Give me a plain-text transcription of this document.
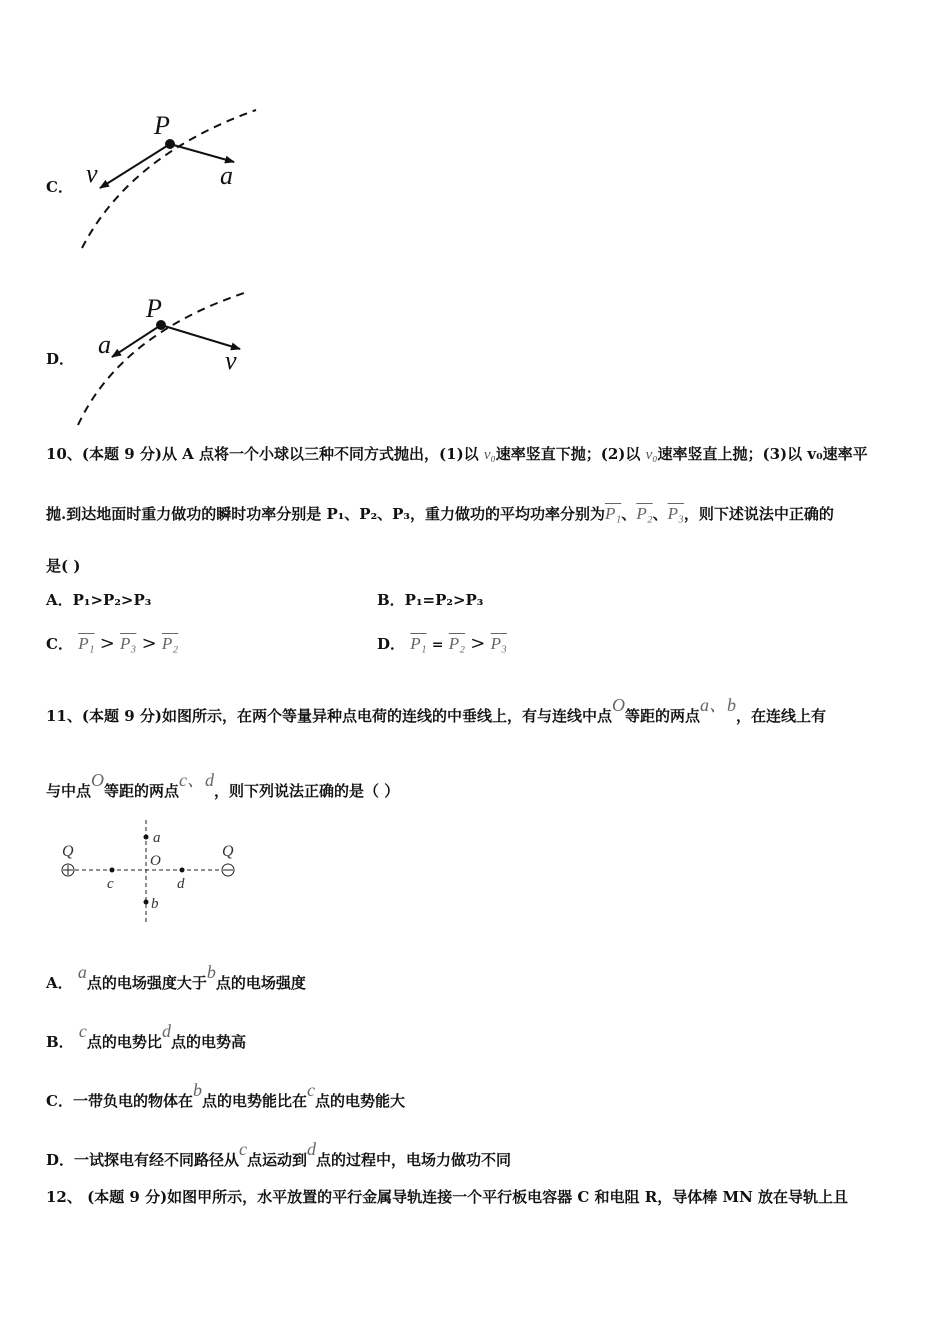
C．
P
v	a
D．
P
a
v
10、(本题 9 分)从 A 点将一个小球以三种不同方式抛出，(1)以 v₀速率竖直下抛；(2)以 v₀速率竖直上抛；(3)以 v₀速率平
抛.到达地面时重力做功的瞬时功率分别是 P₁、P₂、P₃，重力做功的平均功率分别为P₁、P₂、P₃，则下述说法中正确的
是( )
A．P₁>P₂>P₃	B．P₁=P₂>P₃
C． P₁ > P₃ > P₂	D． P₁ = P₂ > P₃
11、(本题 9 分)如图所示，在两个等量异种点电荷的连线的中垂线上，有与连线中点O等距的两点a、b，在连线上有
与中点O等距的两点c、d，则下列说法正确的是（ ）
Q	Q
a
b
c	d
O
A． a点的电场强度大于b点的电场强度
B． c点的电势比d点的电势高
C．一带负电的物体在b点的电势能比在c点的电势能大
D．一试探电有经不同路径从c点运动到d点的过程中，电场力做功不同
12、 (本题 9 分)如图甲所示，水平放置的平行金属导轨连接一个平行板电容器 C 和电阻 R，导体棒 MN 放在导轨上且
